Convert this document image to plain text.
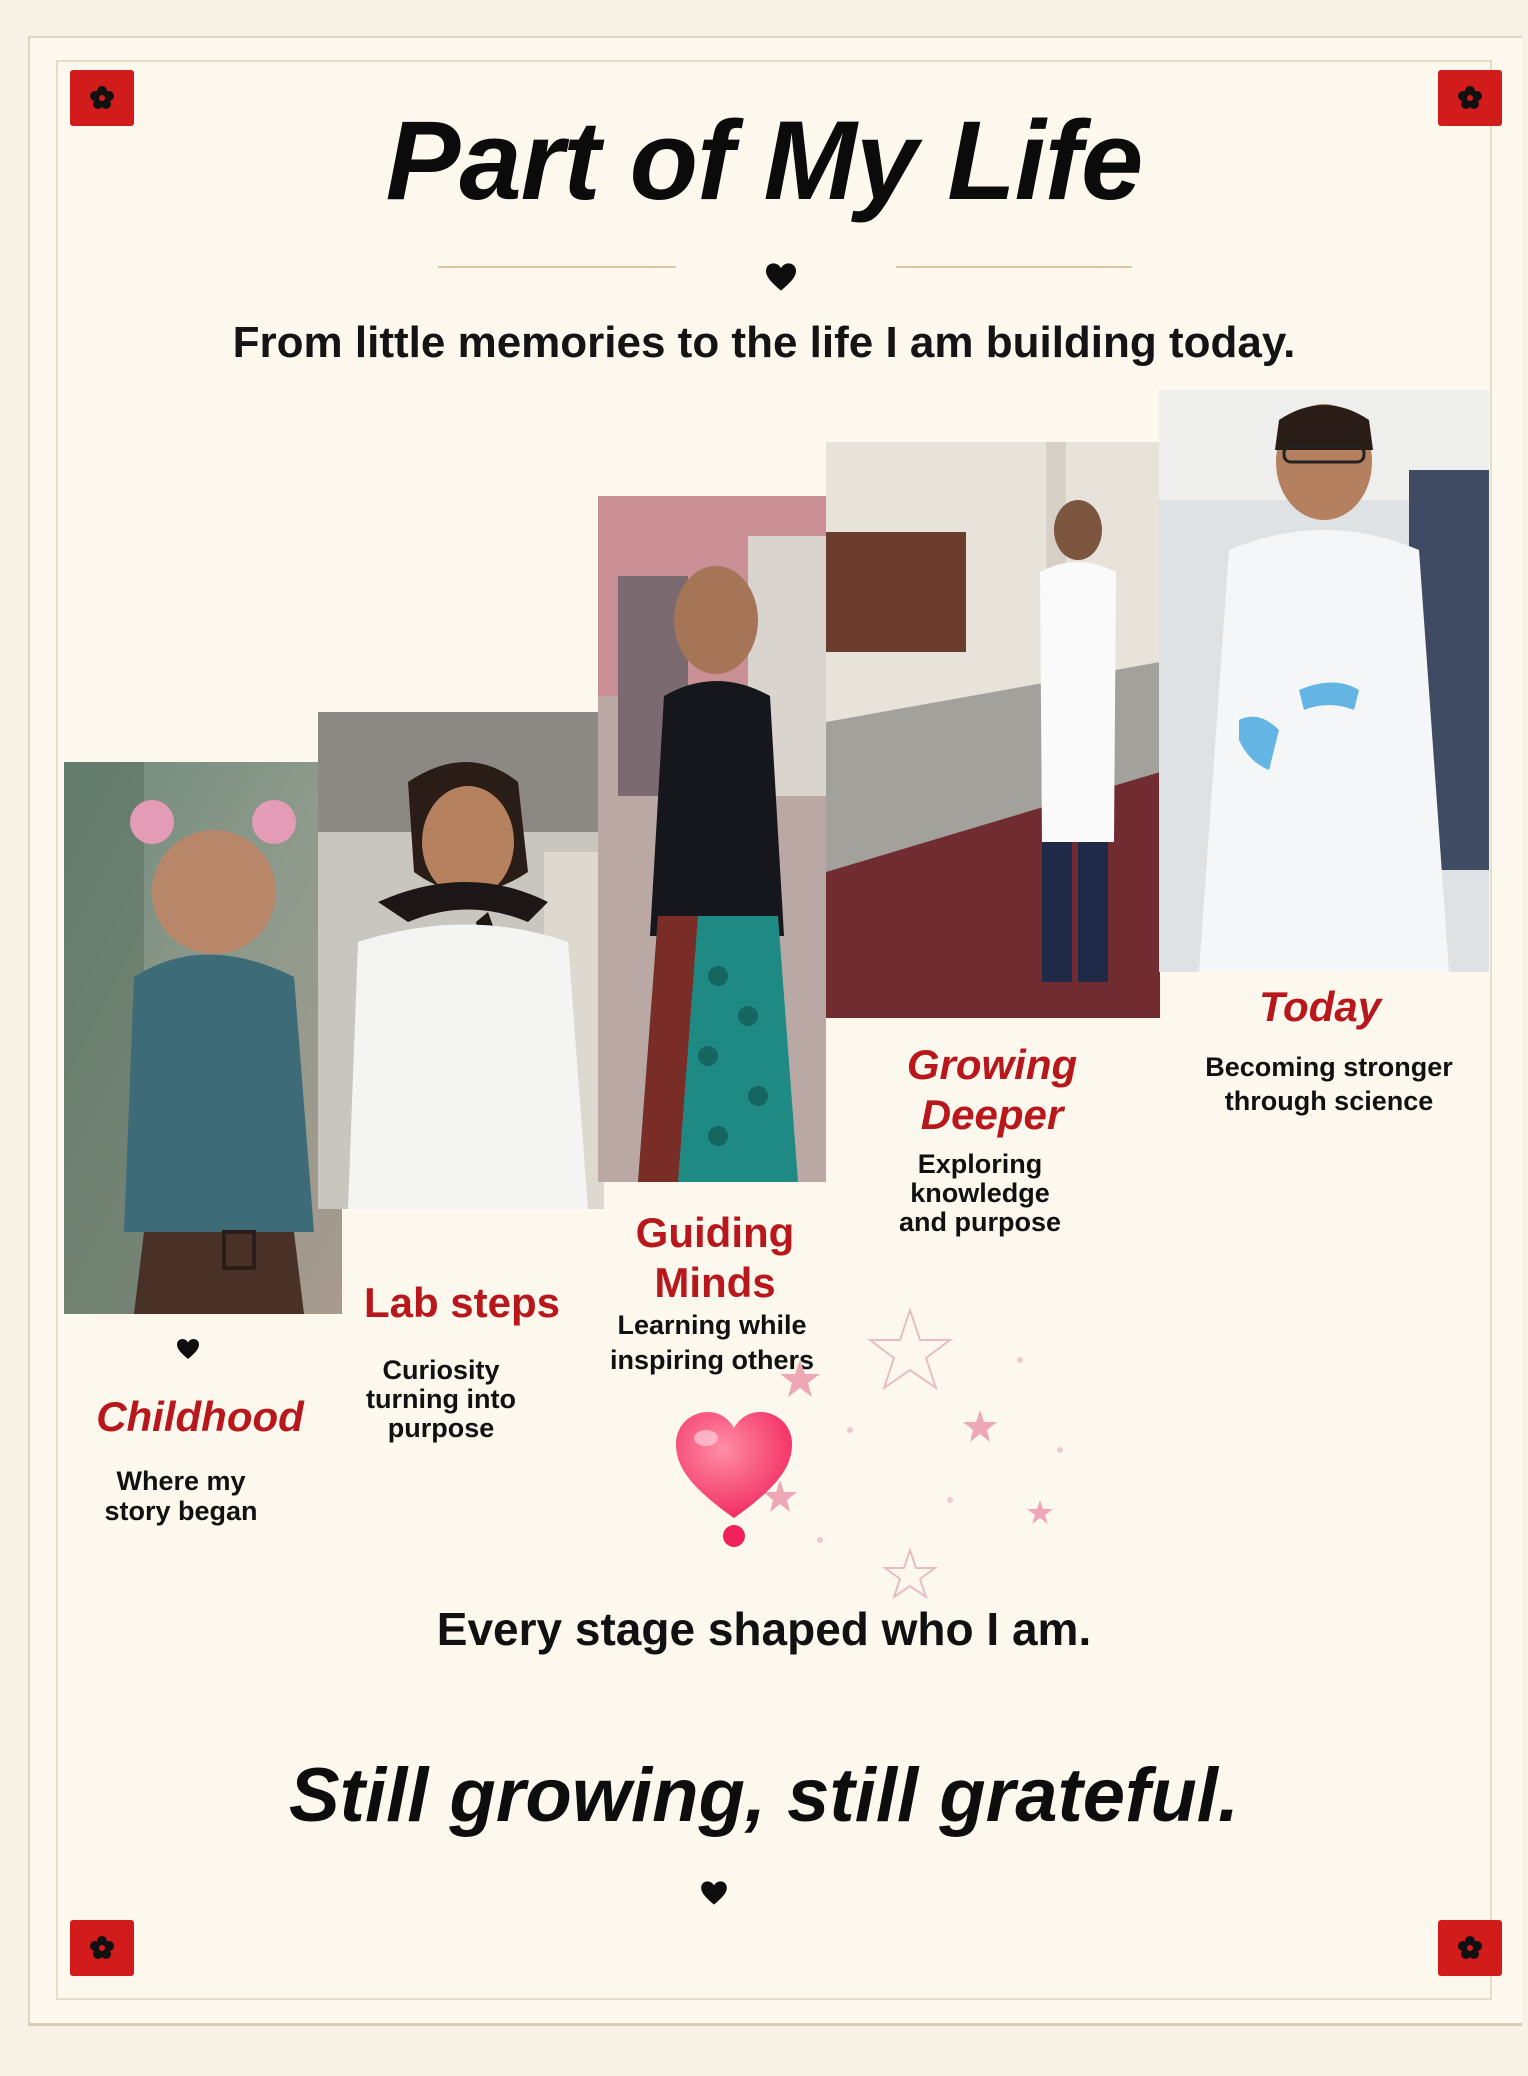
Part of My Life
From little memories to the life I am building today.
Childhood
Where my
story began
Lab steps
Curiosity
turning into
purpose
Guiding
Minds
Learning while
inspiring others
Growing
Deeper
Exploring
knowledge
and purpose
Today
Becoming stronger
through science
Every stage shaped who I am.
Still growing, still grateful.
